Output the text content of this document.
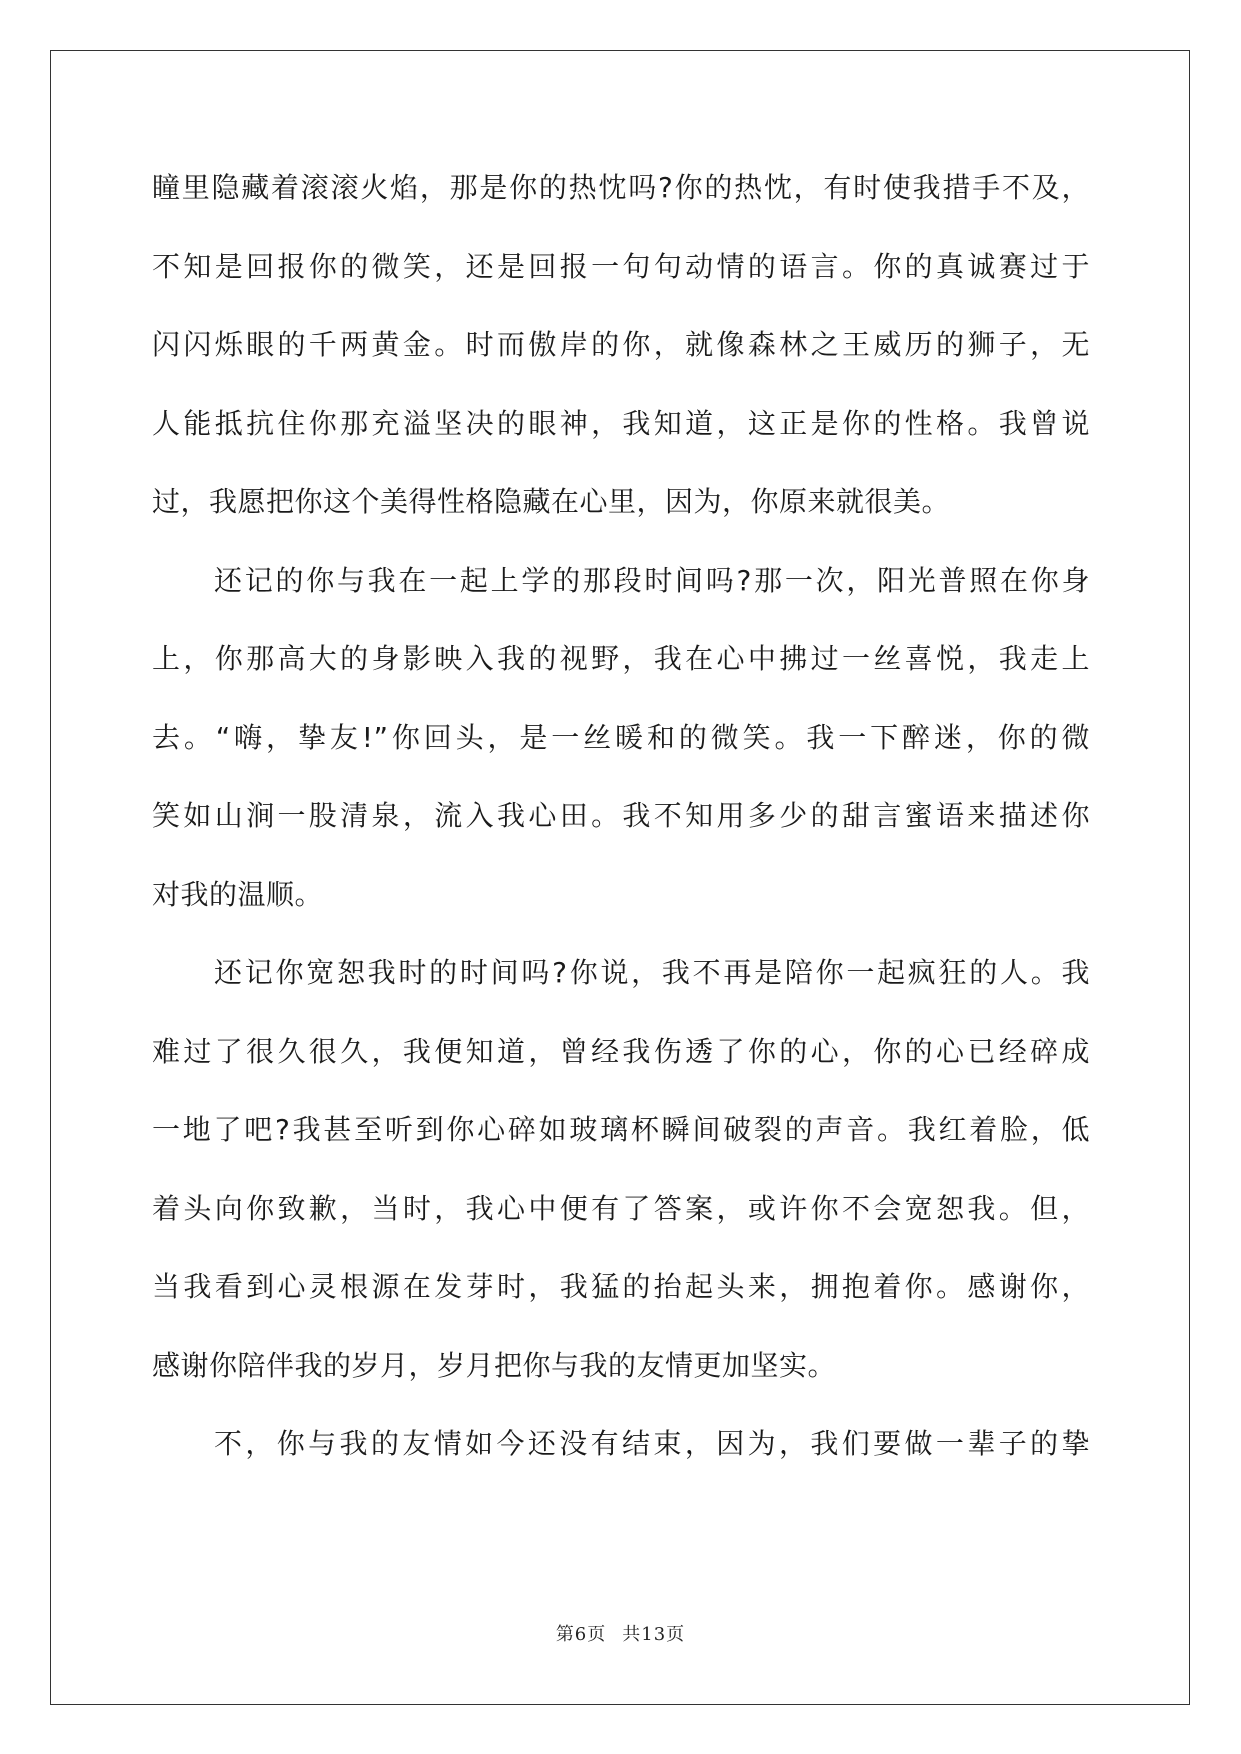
瞳里隐藏着滚滚火焰，那是你的热忱吗?你的热忱，有时使我措手不及，
不知是回报你的微笑，还是回报一句句动情的语言。你的真诚赛过于
闪闪烁眼的千两黄金。时而傲岸的你，就像森林之王威历的狮子，无
人能抵抗住你那充溢坚决的眼神，我知道，这正是你的性格。我曾说
过，我愿把你这个美得性格隐藏在心里，因为，你原来就很美。
还记的你与我在一起上学的那段时间吗?那一次，阳光普照在你身
上，你那高大的身影映入我的视野，我在心中拂过一丝喜悦，我走上
去。“嗨，挚友!”你回头，是一丝暖和的微笑。我一下醉迷，你的微
笑如山涧一股清泉，流入我心田。我不知用多少的甜言蜜语来描述你
对我的温顺。
还记你宽恕我时的时间吗?你说，我不再是陪你一起疯狂的人。我
难过了很久很久，我便知道，曾经我伤透了你的心，你的心已经碎成
一地了吧?我甚至听到你心碎如玻璃杯瞬间破裂的声音。我红着脸，低
着头向你致歉，当时，我心中便有了答案，或许你不会宽恕我。但，
当我看到心灵根源在发芽时，我猛的抬起头来，拥抱着你。感谢你，
感谢你陪伴我的岁月，岁月把你与我的友情更加坚实。
不，你与我的友情如今还没有结束，因为，我们要做一辈子的挚
第6页 共13页
